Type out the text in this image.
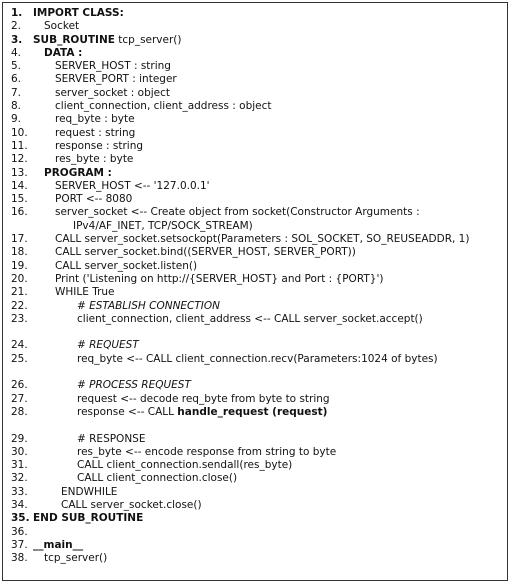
1.	IMPORT CLASS:
2.	Socket
3.	SUB_ROUTINE tcp_server()
4.	DATA :
5.	SERVER_HOST : string
6.	SERVER_PORT : integer
7.	server_socket : object
8.	client_connection, client_address : object
9.	req_byte : byte
10.	request : string
11.	response : string
12.	res_byte : byte
13.	PROGRAM :
14.	SERVER_HOST <-- '127.0.0.1'
15.	PORT <-- 8080
16.	server_socket <-- Create object from socket(Constructor Arguments : IPv4/AF_INET, TCP/SOCK_STREAM)
17.	CALL server_socket.setsockopt(Parameters : SOL_SOCKET, SO_REUSEADDR, 1)
18.	CALL server_socket.bind((SERVER_HOST, SERVER_PORT))
19.	CALL server_socket.listen()
20.	Print ('Listening on http://{SERVER_HOST} and Port : {PORT}')
21.	WHILE True
22.	# ESTABLISH CONNECTION
23.	client_connection, client_address <-- CALL server_socket.accept()
24.	# REQUEST
25.	req_byte <-- CALL client_connection.recv(Parameters:1024 of bytes)
26.	# PROCESS REQUEST
27.	request <-- decode req_byte from byte to string
28.	response <-- CALL handle_request (request)
29.	# RESPONSE
30.	res_byte <-- encode response from string to byte
31.	CALL client_connection.sendall(res_byte)
32.	CALL client_connection.close()
33.	ENDWHILE
34.	CALL server_socket.close()
35. END SUB_ROUTINE
36.
37. __main__
38.	tcp_server()
